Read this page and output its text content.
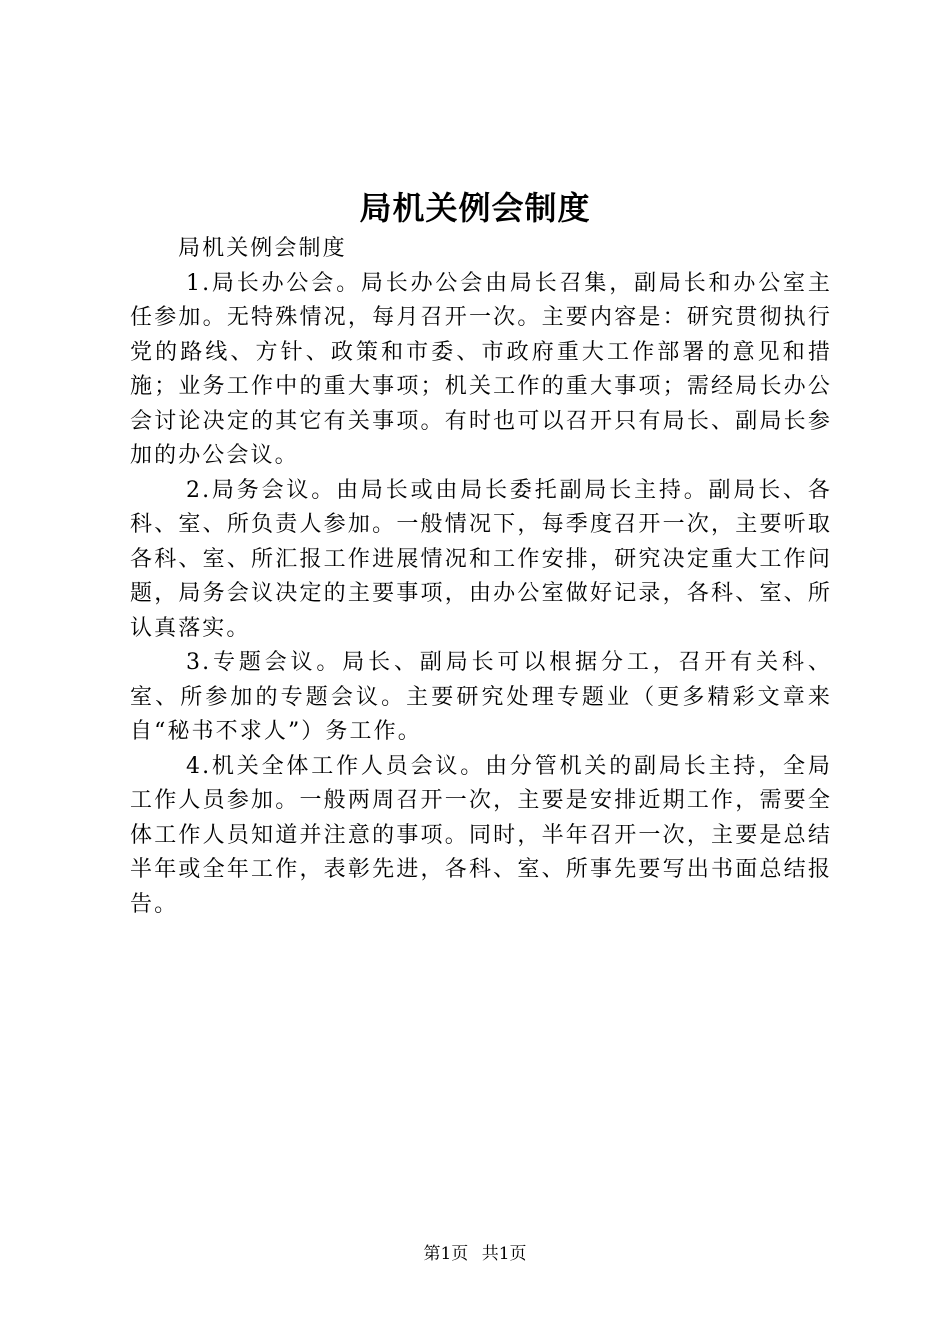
局机关例会制度

局机关例会制度

1.局长办公会。局长办公会由局长召集，副局长和办公室主任参加。无特殊情况，每月召开一次。主要内容是：研究贯彻执行党的路线、方针、政策和市委、市政府重大工作部署的意见和措施；业务工作中的重大事项；机关工作的重大事项；需经局长办公会讨论决定的其它有关事项。有时也可以召开只有局长、副局长参加的办公会议。

2.局务会议。由局长或由局长委托副局长主持。副局长、各科、室、所负责人参加。一般情况下，每季度召开一次，主要听取各科、室、所汇报工作进展情况和工作安排，研究决定重大工作问题，局务会议决定的主要事项，由办公室做好记录，各科、室、所认真落实。

3.专题会议。局长、副局长可以根据分工，召开有关科、室、所参加的专题会议。主要研究处理专题业（更多精彩文章来自“秘书不求人”）务工作。

4.机关全体工作人员会议。由分管机关的副局长主持，全局工作人员参加。一般两周召开一次，主要是安排近期工作，需要全体工作人员知道并注意的事项。同时，半年召开一次，主要是总结半年或全年工作，表彰先进，各科、室、所事先要写出书面总结报告。

第1页 共1页
